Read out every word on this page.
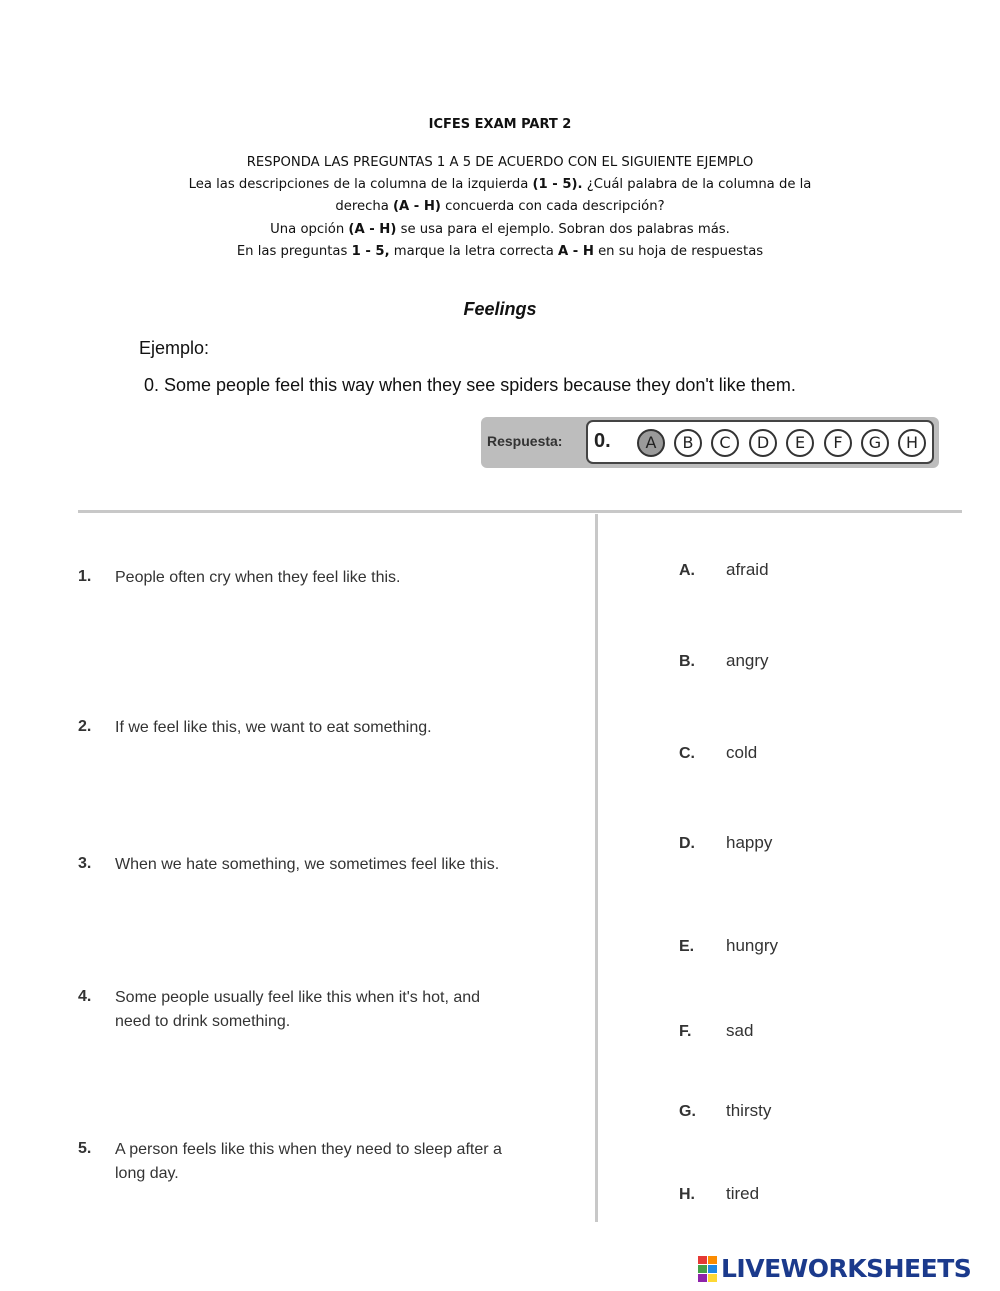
ICFES EXAM PART 2
RESPONDA LAS PREGUNTAS 1 A 5 DE ACUERDO CON EL SIGUIENTE EJEMPLO
Lea las descripciones de la columna de la izquierda (1 - 5). ¿Cuál palabra de la columna de la
derecha (A - H) concuerda con cada descripción?
Una opción (A - H) se usa para el ejemplo. Sobran dos palabras más.
En las preguntas 1 - 5, marque la letra correcta A - H en su hoja de respuestas
Feelings
Ejemplo:
0. Some people feel this way when they see spiders because they don't like them.
Respuesta: 0.	A	B	C	D	E	F	G	H
1. People often cry when they feel like this.
2. If we feel like this, we want to eat something.
3. When we hate something, we sometimes feel like this.
4. Some people usually feel like this when it's hot, and need to drink something.
5. A person feels like this when they need to sleep after a long day.
A. afraid
B. angry
C. cold
D. happy
E. hungry
F. sad
G. thirsty
H. tired
LIVEWORKSHEETS
